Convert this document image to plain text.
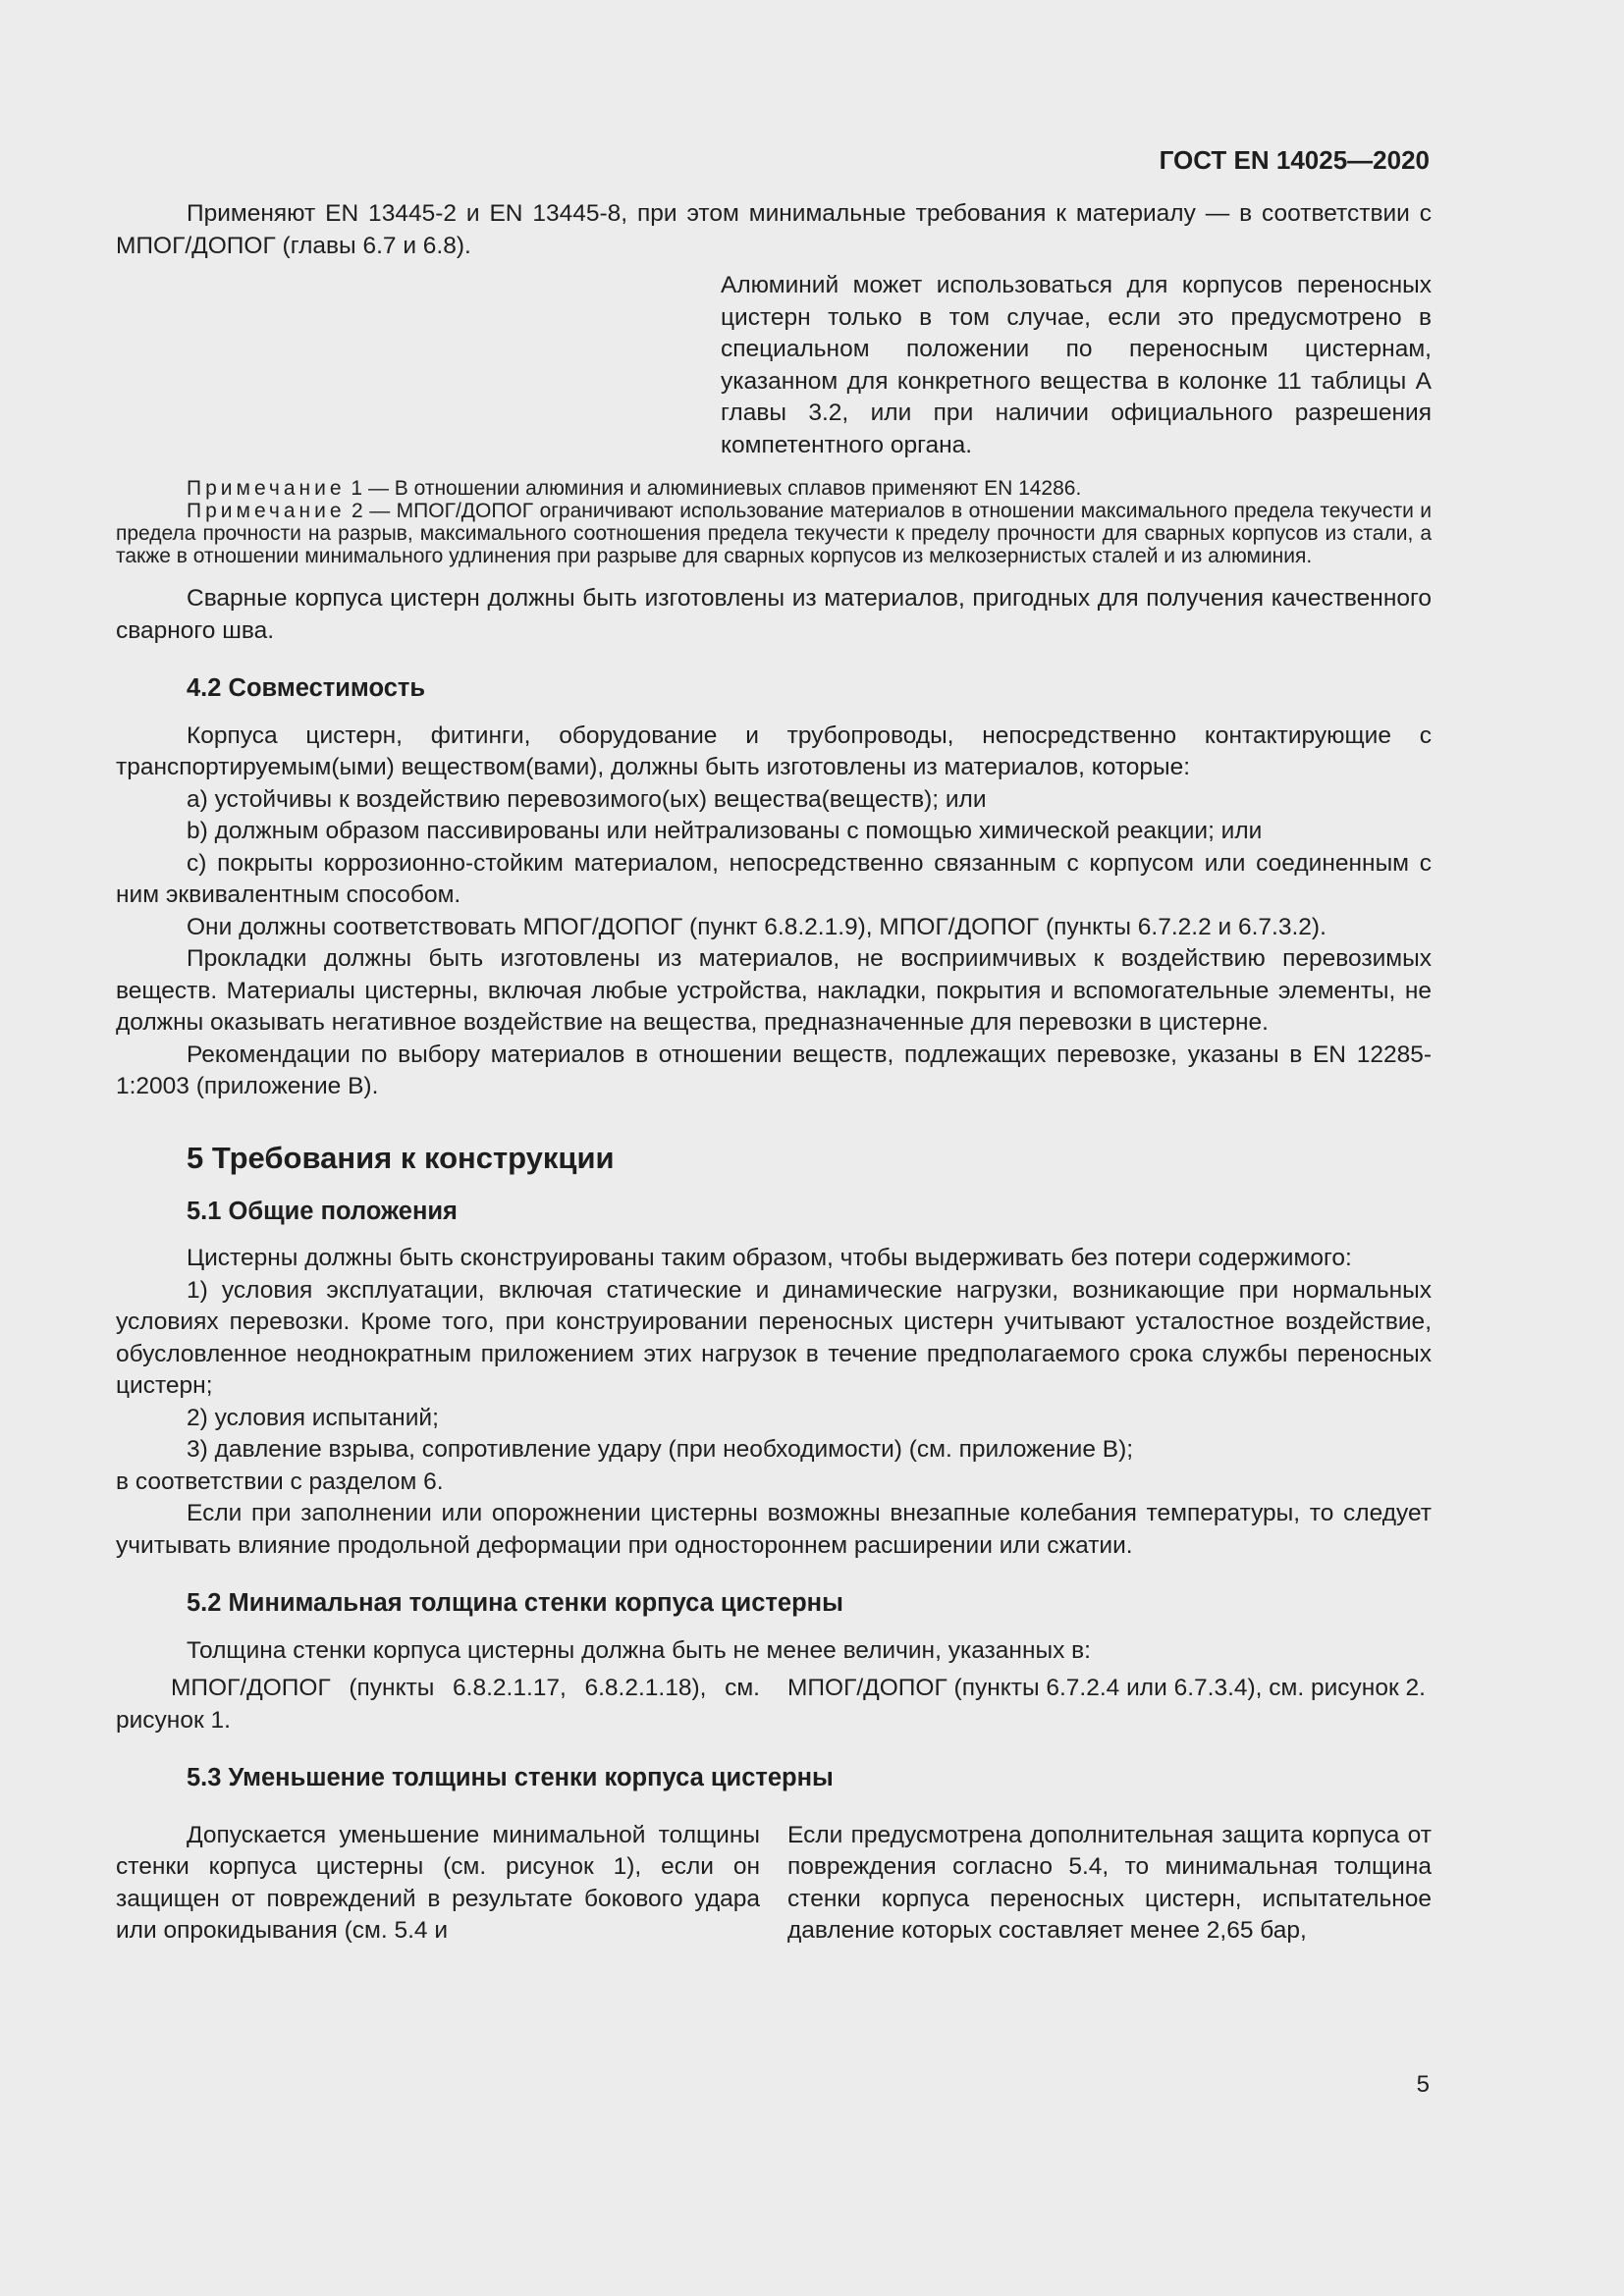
ГОСТ EN 14025—2020

Применяют EN 13445-2 и EN 13445-8, при этом минимальные требования к материалу — в соответствии с МПОГ/ДОПОГ (главы 6.7 и 6.8).

Алюминий может использоваться для корпусов переносных цистерн только в том случае, если это предусмотрено в специальном положении по переносным цистернам, указанном для конкретного вещества в колонке 11 таблицы А главы 3.2, или при наличии официального разрешения компетентного органа.

Примечание 1 — В отношении алюминия и алюминиевых сплавов применяют EN 14286.

Примечание 2 — МПОГ/ДОПОГ ограничивают использование материалов в отношении максимального предела текучести и предела прочности на разрыв, максимального соотношения предела текучести к пределу прочности для сварных корпусов из стали, а также в отношении минимального удлинения при разрыве для сварных корпусов из мелкозернистых сталей и из алюминия.

Сварные корпуса цистерн должны быть изготовлены из материалов, пригодных для получения качественного сварного шва.

4.2 Совместимость

Корпуса цистерн, фитинги, оборудование и трубопроводы, непосредственно контактирующие с транспортируемым(ыми) веществом(вами), должны быть изготовлены из материалов, которые:

a) устойчивы к воздействию перевозимого(ых) вещества(веществ); или

b) должным образом пассивированы или нейтрализованы с помощью химической реакции; или

c) покрыты коррозионно-стойким материалом, непосредственно связанным с корпусом или соединенным с ним эквивалентным способом.

Они должны соответствовать МПОГ/ДОПОГ (пункт 6.8.2.1.9), МПОГ/ДОПОГ (пункты 6.7.2.2 и 6.7.3.2).

Прокладки должны быть изготовлены из материалов, не восприимчивых к воздействию перевозимых веществ. Материалы цистерны, включая любые устройства, накладки, покрытия и вспомогательные элементы, не должны оказывать негативное воздействие на вещества, предназначенные для перевозки в цистерне.

Рекомендации по выбору материалов в отношении веществ, подлежащих перевозке, указаны в EN 12285-1:2003 (приложение B).

5 Требования к конструкции
5.1 Общие положения

Цистерны должны быть сконструированы таким образом, чтобы выдерживать без потери содержимого:

1) условия эксплуатации, включая статические и динамические нагрузки, возникающие при нормальных условиях перевозки. Кроме того, при конструировании переносных цистерн учитывают усталостное воздействие, обусловленное неоднократным приложением этих нагрузок в течение предполагаемого срока службы переносных цистерн;

2) условия испытаний;

3) давление взрыва, сопротивление удару (при необходимости) (см. приложение B);

в соответствии с разделом 6.

Если при заполнении или опорожнении цистерны возможны внезапные колебания температуры, то следует учитывать влияние продольной деформации при одностороннем расширении или сжатии.

5.2 Минимальная толщина стенки корпуса цистерны

Толщина стенки корпуса цистерны должна быть не менее величин, указанных в:

МПОГ/ДОПОГ (пункты 6.8.2.1.17, 6.8.2.1.18), см. рисунок 1.

МПОГ/ДОПОГ (пункты 6.7.2.4 или 6.7.3.4), см. рисунок 2.

5.3 Уменьшение толщины стенки корпуса цистерны

Допускается уменьшение минимальной толщины стенки корпуса цистерны (см. рисунок 1), если он защищен от повреждений в результате бокового удара или опрокидывания (см. 5.4 и

Если предусмотрена дополнительная защита корпуса от повреждения согласно 5.4, то минимальная толщина стенки корпуса переносных цистерн, испытательное давление которых составляет менее 2,65 бар,

5
